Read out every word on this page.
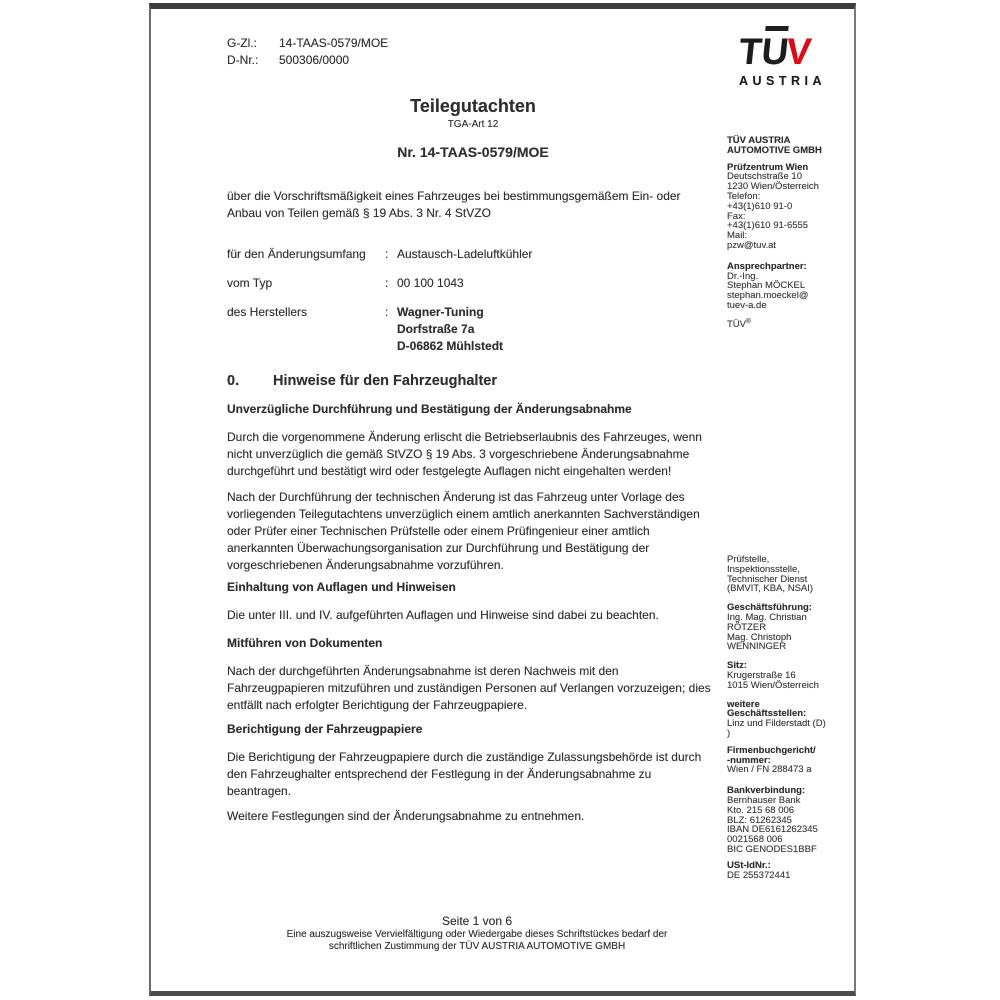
G-Zl.:	14-TAAS-0579/MOE
D-Nr.:	500306/0000	TUV
AUSTRIA
Teilegutachten
TGA-Art 12
Nr. 14-TAAS-0579/MOE

über die Vorschriftsmäßigkeit eines Fahrzeuges bei bestimmungsgemäßem Ein- oder Anbau von Teilen gemäß § 19 Abs. 3 Nr. 4 StVZO

für den Änderungsumfang	: Austausch-Ladeluftkühler
vom Typ	: 00 100 1043
des Herstellers	: Wagner-Tuning
Dorfstraße 7a
D-06862 Mühlstedt
0.	Hinweise für den Fahrzeughalter
Unverzügliche Durchführung und Bestätigung der Änderungsabnahme

Durch die vorgenommene Änderung erlischt die Betriebserlaubnis des Fahrzeuges, wenn nicht unverzüglich die gemäß StVZO § 19 Abs. 3 vorgeschriebene Änderungsabnahme durchgeführt und bestätigt wird oder festgelegte Auflagen nicht eingehalten werden!

Nach der Durchführung der technischen Änderung ist das Fahrzeug unter Vorlage des vorliegenden Teilegutachtens unverzüglich einem amtlich anerkannten Sachverständigen oder Prüfer einer Technischen Prüfstelle oder einem Prüfingenieur einer amtlich anerkannten Überwachungsorganisation zur Durchführung und Bestätigung der vorgeschriebenen Änderungsabnahme vorzuführen.

Einhaltung von Auflagen und Hinweisen

Die unter III. und IV. aufgeführten Auflagen und Hinweise sind dabei zu beachten.

Mitführen von Dokumenten

Nach der durchgeführten Änderungsabnahme ist deren Nachweis mit den Fahrzeugpapieren mitzuführen und zuständigen Personen auf Verlangen vorzuzeigen; dies entfällt nach erfolgter Berichtigung der Fahrzeugpapiere.

Berichtigung der Fahrzeugpapiere

Die Berichtigung der Fahrzeugpapiere durch die zuständige Zulassungsbehörde ist durch den Fahrzeughalter entsprechend der Festlegung in der Änderungsabnahme zu beantragen.

Weitere Festlegungen sind der Änderungsabnahme zu entnehmen.

TÜV AUSTRIA
AUTOMOTIVE GMBH
Prüfzentrum Wien
Deutschstraße 10
1230 Wien/Österreich
Telefon:
+43(1)610 91-0
Fax:
+43(1)610 91-6555
Mail:
pzw@tuv.at
Ansprechpartner:
Dr.-Ing.
Stephan MÖCKEL
stephan.moeckel@
tuev-a.de
TÜV®
Prüfstelle,
Inspektionsstelle,
Technischer Dienst
(BMVIT, KBA, NSAI)
Geschäftsführung:
Ing. Mag. Christian
RÖTZER
Mag. Christoph
WENNINGER
Sitz:
Krugerstraße 16
1015 Wien/Österreich
weitere
Geschäftsstellen:
Linz und Filderstadt (D)
)
Firmenbuchgericht/
-nummer:
Wien / FN 288473 a
Bankverbindung:
Bernhauser Bank
Kto. 215 68 006
BLZ: 61262345
IBAN DE6161262345
0021568 006
BIC GENODES1BBF
USt-IdNr.:
DE 255372441
Seite 1 von 6
Eine auszugsweise Vervielfältigung oder Wiedergabe dieses Schriftstückes bedarf der
schriftlichen Zustimmung der TÜV AUSTRIA AUTOMOTIVE GMBH
